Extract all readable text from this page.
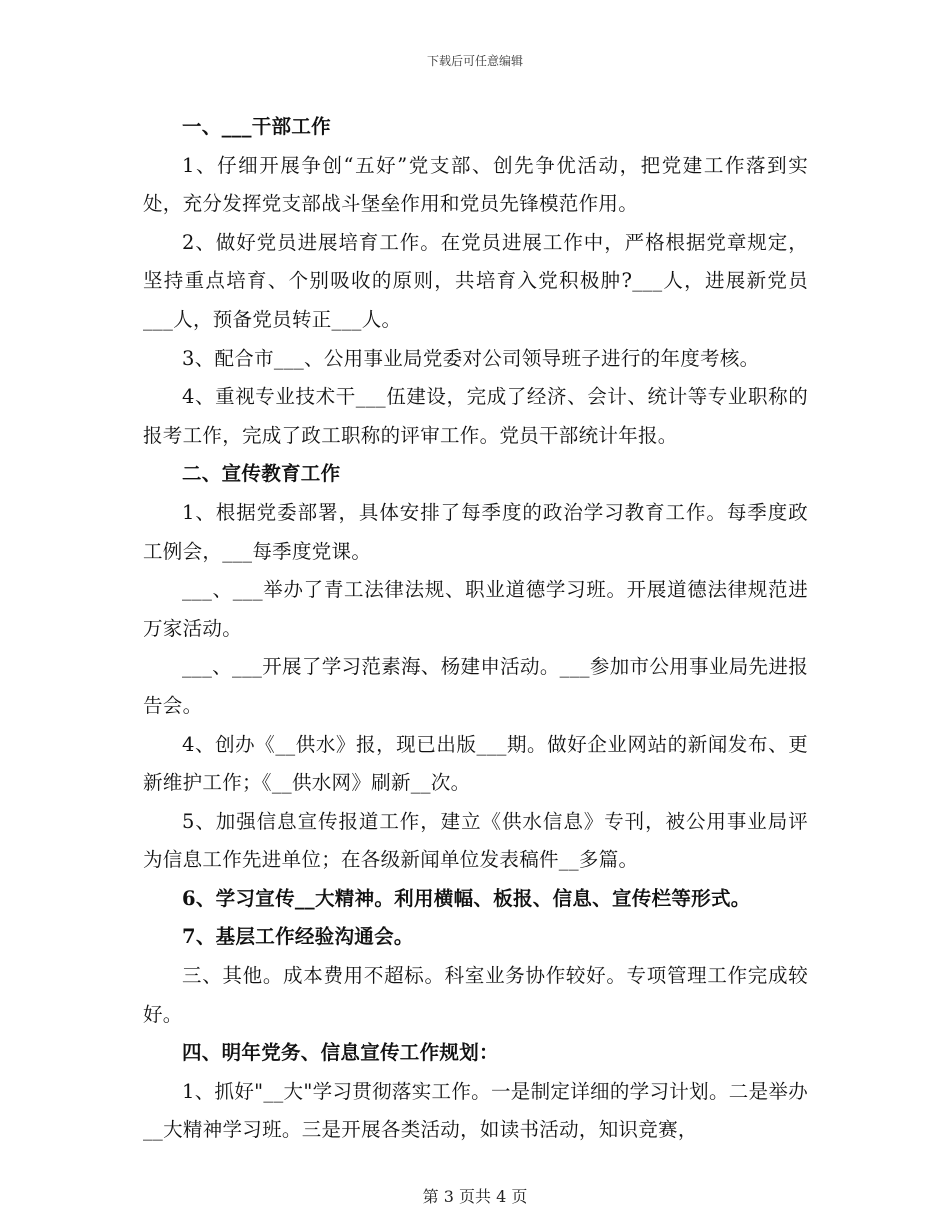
下载后可任意编辑

一、___干部工作

1、仔细开展争创“五好”党支部、创先争优活动，把党建工作落到实处，充分发挥党支部战斗堡垒作用和党员先锋模范作用。

2、做好党员进展培育工作。在党员进展工作中，严格根据党章规定，坚持重点培育、个别吸收的原则，共培育入党积极肿?___人，进展新党员___人，预备党员转正___人。

3、配合市___、公用事业局党委对公司领导班子进行的年度考核。

4、重视专业技术干___伍建设，完成了经济、会计、统计等专业职称的报考工作，完成了政工职称的评审工作。党员干部统计年报。

二、宣传教育工作

1、根据党委部署，具体安排了每季度的政治学习教育工作。每季度政工例会，___每季度党课。

___、___举办了青工法律法规、职业道德学习班。开展道德法律规范进万家活动。

___、___开展了学习范素海、杨建申活动。___参加市公用事业局先进报告会。

4、创办《__供水》报，现已出版___期。做好企业网站的新闻发布、更新维护工作；《__供水网》刷新__次。

5、加强信息宣传报道工作，建立《供水信息》专刊，被公用事业局评为信息工作先进单位；在各级新闻单位发表稿件__多篇。

6、学习宣传__大精神。利用横幅、板报、信息、宣传栏等形式。

7、基层工作经验沟通会。

三、其他。成本费用不超标。科室业务协作较好。专项管理工作完成较好。

四、明年党务、信息宣传工作规划：

1、抓好"__大"学习贯彻落实工作。一是制定详细的学习计划。二是举办__大精神学习班。三是开展各类活动，如读书活动，知识竞赛，

第 3 页共 4 页
